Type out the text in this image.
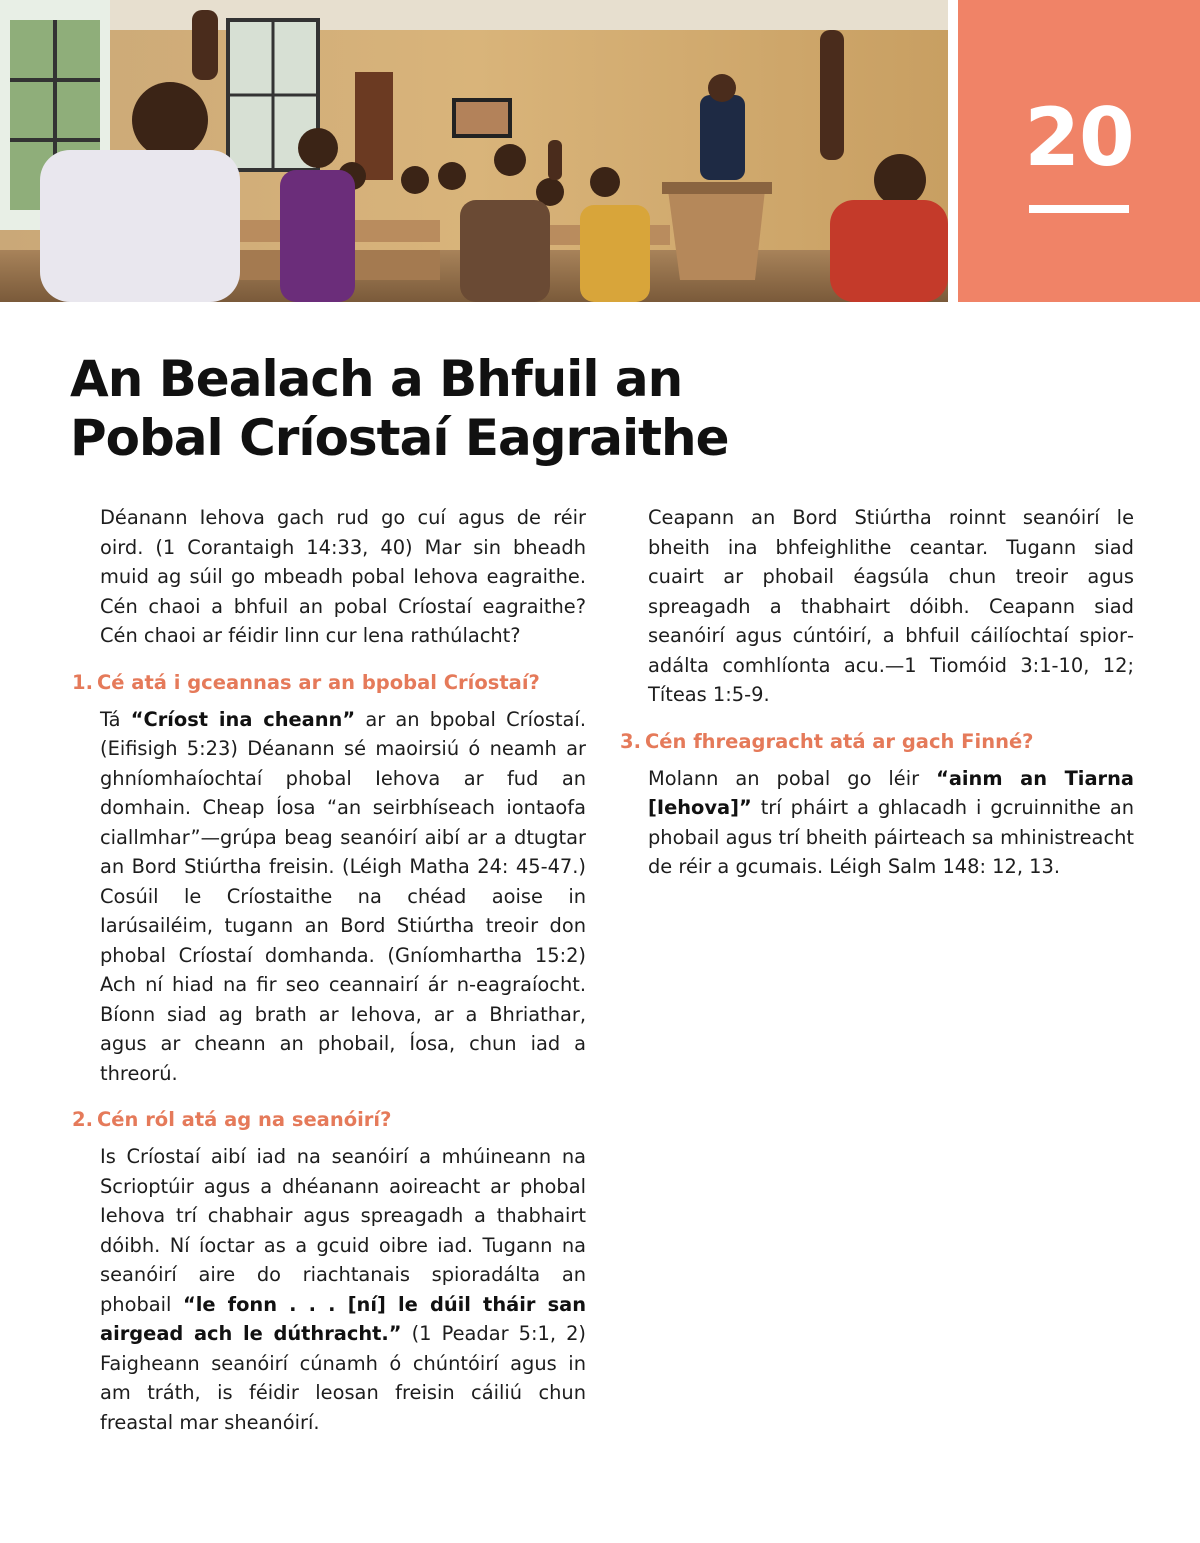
20
An Bealach a Bhfuil an
Pobal Críostaí Eagraithe

Déanann Iehova gach rud go cuí agus de réir oird. (1 Corantaigh 14:33, 40) Mar sin bheadh muid ag súil go mbeadh pobal Iehova eagraithe. Cén chaoi a bhfuil an pobal Críostaí eagraithe? Cén chaoi ar féidir linn cur lena rathúlacht?

1. Cé atá i gceannas ar an bpobal Críostaí?

Tá “Críost ina cheann” ar an bpobal Críostaí. (Eifisigh 5:23) Déanann sé maoirsiú ó neamh ar ghníomhaíochtaí phobal Iehova ar fud an domhain. Cheap Íosa “an seirbhíseach iontaofa ciallmhar”—grúpa beag seanóirí aibí ar a dtugtar an Bord Stiúrtha freisin. (Léigh Matha 24: 45-47.) Cosúil le Críostaithe na chéad aoise in Iarúsailéim, tugann an Bord Stiúrtha treoir don phobal Críostaí domhanda. (Gníomhartha 15:2) Ach ní hiad na fir seo ceannairí ár n-eagraíocht. Bíonn siad ag brath ar Iehova, ar a Bhriathar, agus ar cheann an phobail, Íosa, chun iad a threorú.

2. Cén ról atá ag na seanóirí?

Is Críostaí aibí iad na seanóirí a mhúineann na Scrioptúir agus a dhéanann aoireacht ar phobal Iehova trí chabhair agus spreagadh a thabhairt dóibh. Ní íoctar as a gcuid oibre iad. Tugann na seanóirí aire do riachtanais spioradálta an phobail “le fonn . . . [ní] le dúil tháir san airgead ach le dúthracht.” (1 Peadar 5:1, 2) Faigheann seanóirí cúnamh ó chúntóirí agus in am tráth, is féidir leosan freisin cáiliú chun freastal mar sheanóirí.

Ceapann an Bord Stiúrtha roinnt seanóirí le bheith ina bhfeighlithe ceantar. Tugann siad cuairt ar phobail éagsúla chun treoir agus spreagadh a thabhairt dóibh. Ceapann siad seanóirí agus cúntóirí, a bhfuil cáilíochtaí spioradálta comhlíonta acu.—1 Tiomóid 3:1-10, 12; Títeas 1:5-9.

3. Cén fhreagracht atá ar gach Finné?

Molann an pobal go léir “ainm an Tiarna [Iehova]” trí pháirt a ghlacadh i gcruinnithe an phobail agus trí bheith páirteach sa mhinistreacht de réir a gcumais. Léigh Salm 148: 12, 13.
